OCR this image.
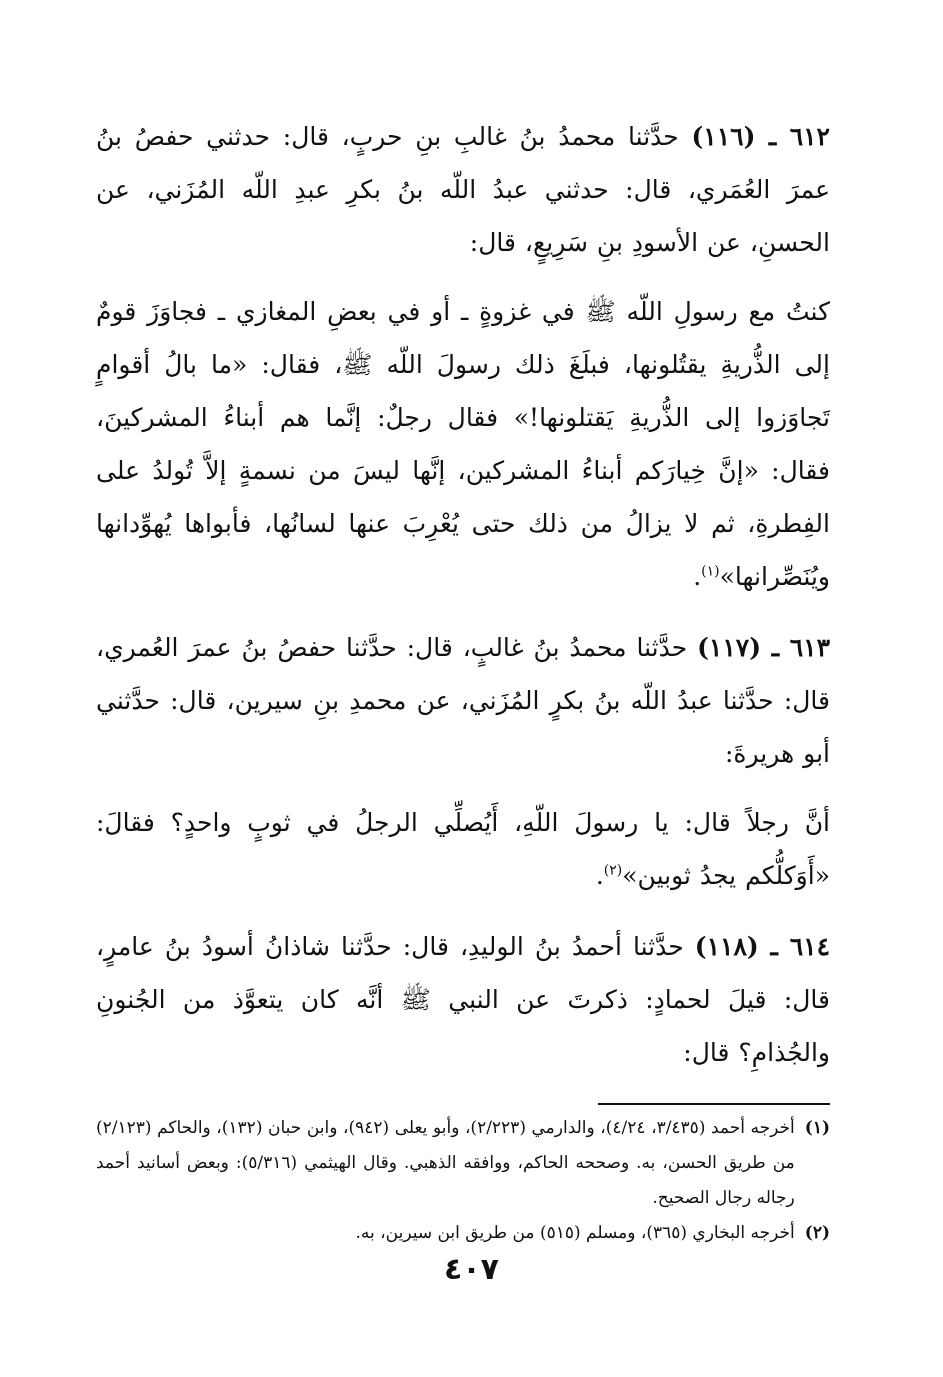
٦١٢ ـ (١١٦) حدَّثنا محمدُ بنُ غالبِ بنِ حربٍ، قال: حدثني حفصُ بنُ عمرَ العُمَري، قال: حدثني عبدُ اللّه بنُ بكرِ عبدِ اللّه المُزَني، عن الحسنِ، عن الأسودِ بنِ سَرِيعٍ، قال:

كنتُ مع رسولِ اللّه ﷺ في غزوةٍ ـ أو في بعضِ المغازي ـ فجاوَزَ قومٌ إلى الذُّريةِ يقتُلونها، فبلَغَ ذلك رسولَ اللّه ﷺ، فقال: «ما بالُ أقوامٍ تَجاوَزوا إلى الذُّريةِ يَقتلونها!» فقال رجلٌ: إنَّما هم أبناءُ المشركينَ، فقال: «إنَّ خِيارَكم أبناءُ المشركين، إنَّها ليسَ من نسمةٍ إلاَّ تُولدُ على الفِطرةِ، ثم لا يزالُ من ذلك حتى يُعْرِبَ عنها لسانُها، فأبواها يُهوِّدانها ويُنَصِّرانها»$^{(١)}$.

٦١٣ ـ (١١٧) حدَّثنا محمدُ بنُ غالبٍ، قال: حدَّثنا حفصُ بنُ عمرَ العُمري، قال: حدَّثنا عبدُ اللّه بنُ بكرٍ المُزَني، عن محمدِ بنِ سيرين، قال: حدَّثني أبو هريرةَ:

أنَّ رجلاً قال: يا رسولَ اللّهِ، أَيُصلِّي الرجلُ في ثوبٍ واحدٍ؟ فقالَ: «أَوَكلُّكم يجدُ ثوبين»$^{(٢)}$.

٦١٤ ـ (١١٨) حدَّثنا أحمدُ بنُ الوليدِ، قال: حدَّثنا شاذانُ أسودُ بنُ عامرٍ، قال: قيلَ لحمادٍ: ذكرتَ عن النبي ﷺ أنَّه كان يتعوَّذ من الجُنونِ والجُذامِ؟ قال:

(١)
أخرجه أحمد (٣/٤٣٥، ٤/٢٤)، والدارمي (٢/٢٢٣)، وأبو يعلى (٩٤٢)، وابن حبان (١٣٢)، والحاكم (٢/١٢٣) من طريق الحسن، به. وصححه الحاكم، ووافقه الذهبي. وقال الهيثمي (٥/٣١٦): وبعض أسانيد أحمد رجاله رجال الصحيح.
(٢)
أخرجه البخاري (٣٦٥)، ومسلم (٥١٥) من طريق ابن سيرين، به.
٤٠٧
